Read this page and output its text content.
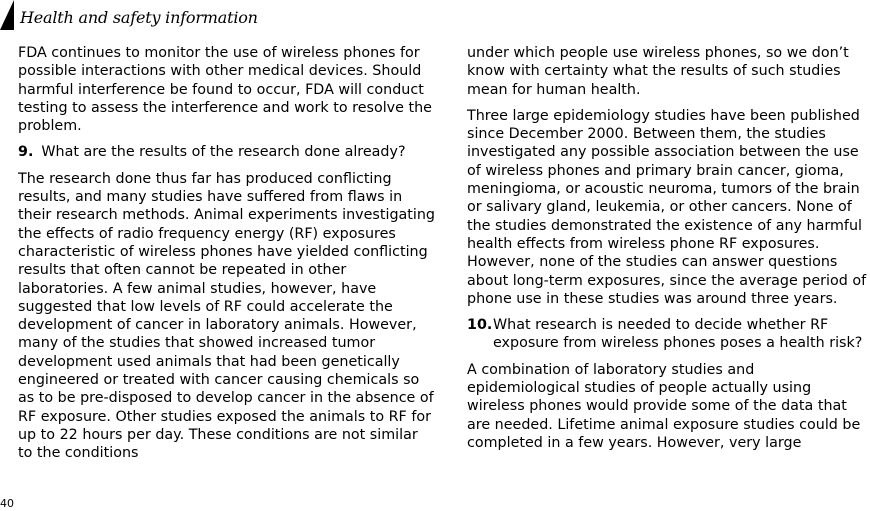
Health and safety information

FDA continues to monitor the use of wireless phones for possible interactions with other medical devices. Should harmful interference be found to occur, FDA will conduct testing to assess the interference and work to resolve the problem.

9. What are the results of the research done already?

The research done thus far has produced conflicting results, and many studies have suffered from flaws in their research methods. Animal experiments investigating the effects of radio frequency energy (RF) exposures characteristic of wireless phones have yielded conflicting results that often cannot be repeated in other laboratories. A few animal studies, however, have suggested that low levels of RF could accelerate the development of cancer in laboratory animals. However, many of the studies that showed increased tumor development used animals that had been genetically engineered or treated with cancer causing chemicals so as to be pre-disposed to develop cancer in the absence of RF exposure. Other studies exposed the animals to RF for up to 22 hours per day. These conditions are not similar to the conditions

under which people use wireless phones, so we don’t know with certainty what the results of such studies mean for human health.

Three large epidemiology studies have been published since December 2000. Between them, the studies investigated any possible association between the use of wireless phones and primary brain cancer, gioma, meningioma, or acoustic neuroma, tumors of the brain or salivary gland, leukemia, or other cancers. None of the studies demonstrated the existence of any harmful health effects from wireless phone RF exposures. However, none of the studies can answer questions about long-term exposures, since the average period of phone use in these studies was around three years.

10. What research is needed to decide whether RF exposure from wireless phones poses a health risk?

A combination of laboratory studies and epidemiological studies of people actually using wireless phones would provide some of the data that are needed. Lifetime animal exposure studies could be completed in a few years. However, very large

40
